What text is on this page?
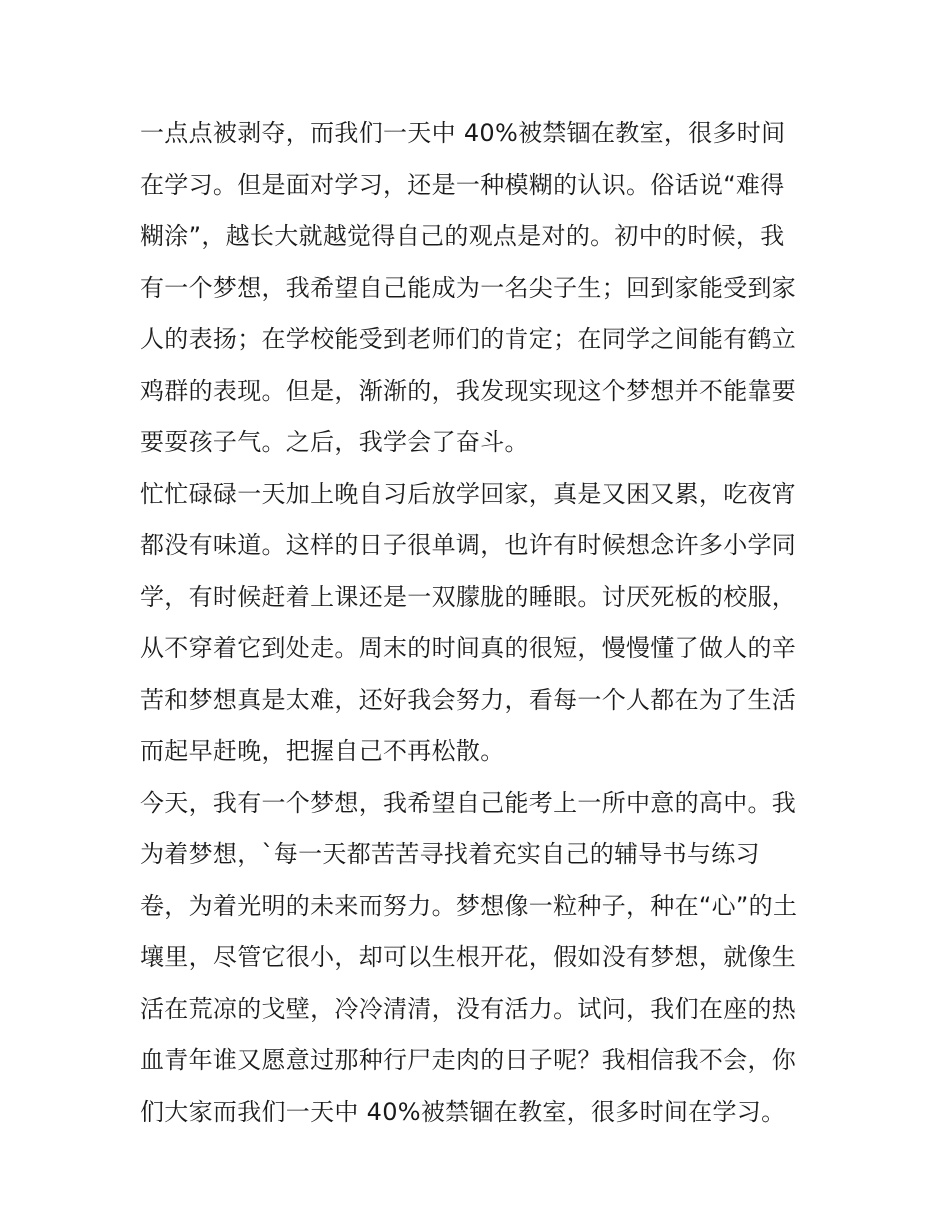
一点点被剥夺，而我们一天中 40%被禁锢在教室，很多时间
在学习。但是面对学习，还是一种模糊的认识。俗话说“难得
糊涂”，越长大就越觉得自己的观点是对的。初中的时候，我
有一个梦想，我希望自己能成为一名尖子生；回到家能受到家
人的表扬；在学校能受到老师们的肯定；在同学之间能有鹤立
鸡群的表现。但是，渐渐的，我发现实现这个梦想并不能靠要
要耍孩子气。之后，我学会了奋斗。
忙忙碌碌一天加上晚自习后放学回家，真是又困又累，吃夜宵
都没有味道。这样的日子很单调，也许有时候想念许多小学同
学，有时候赶着上课还是一双朦胧的睡眼。讨厌死板的校服，
从不穿着它到处走。周末的时间真的很短，慢慢懂了做人的辛
苦和梦想真是太难，还好我会努力，看每一个人都在为了生活
而起早赶晚，把握自己不再松散。
今天，我有一个梦想，我希望自己能考上一所中意的高中。我
为着梦想，`每一天都苦苦寻找着充实自己的辅导书与练习
卷，为着光明的未来而努力。梦想像一粒种子，种在“心”的土
壤里，尽管它很小，却可以生根开花，假如没有梦想，就像生
活在荒凉的戈壁，冷冷清清，没有活力。试问，我们在座的热
血青年谁又愿意过那种行尸走肉的日子呢？我相信我不会，你
们大家而我们一天中 40%被禁锢在教室，很多时间在学习。
